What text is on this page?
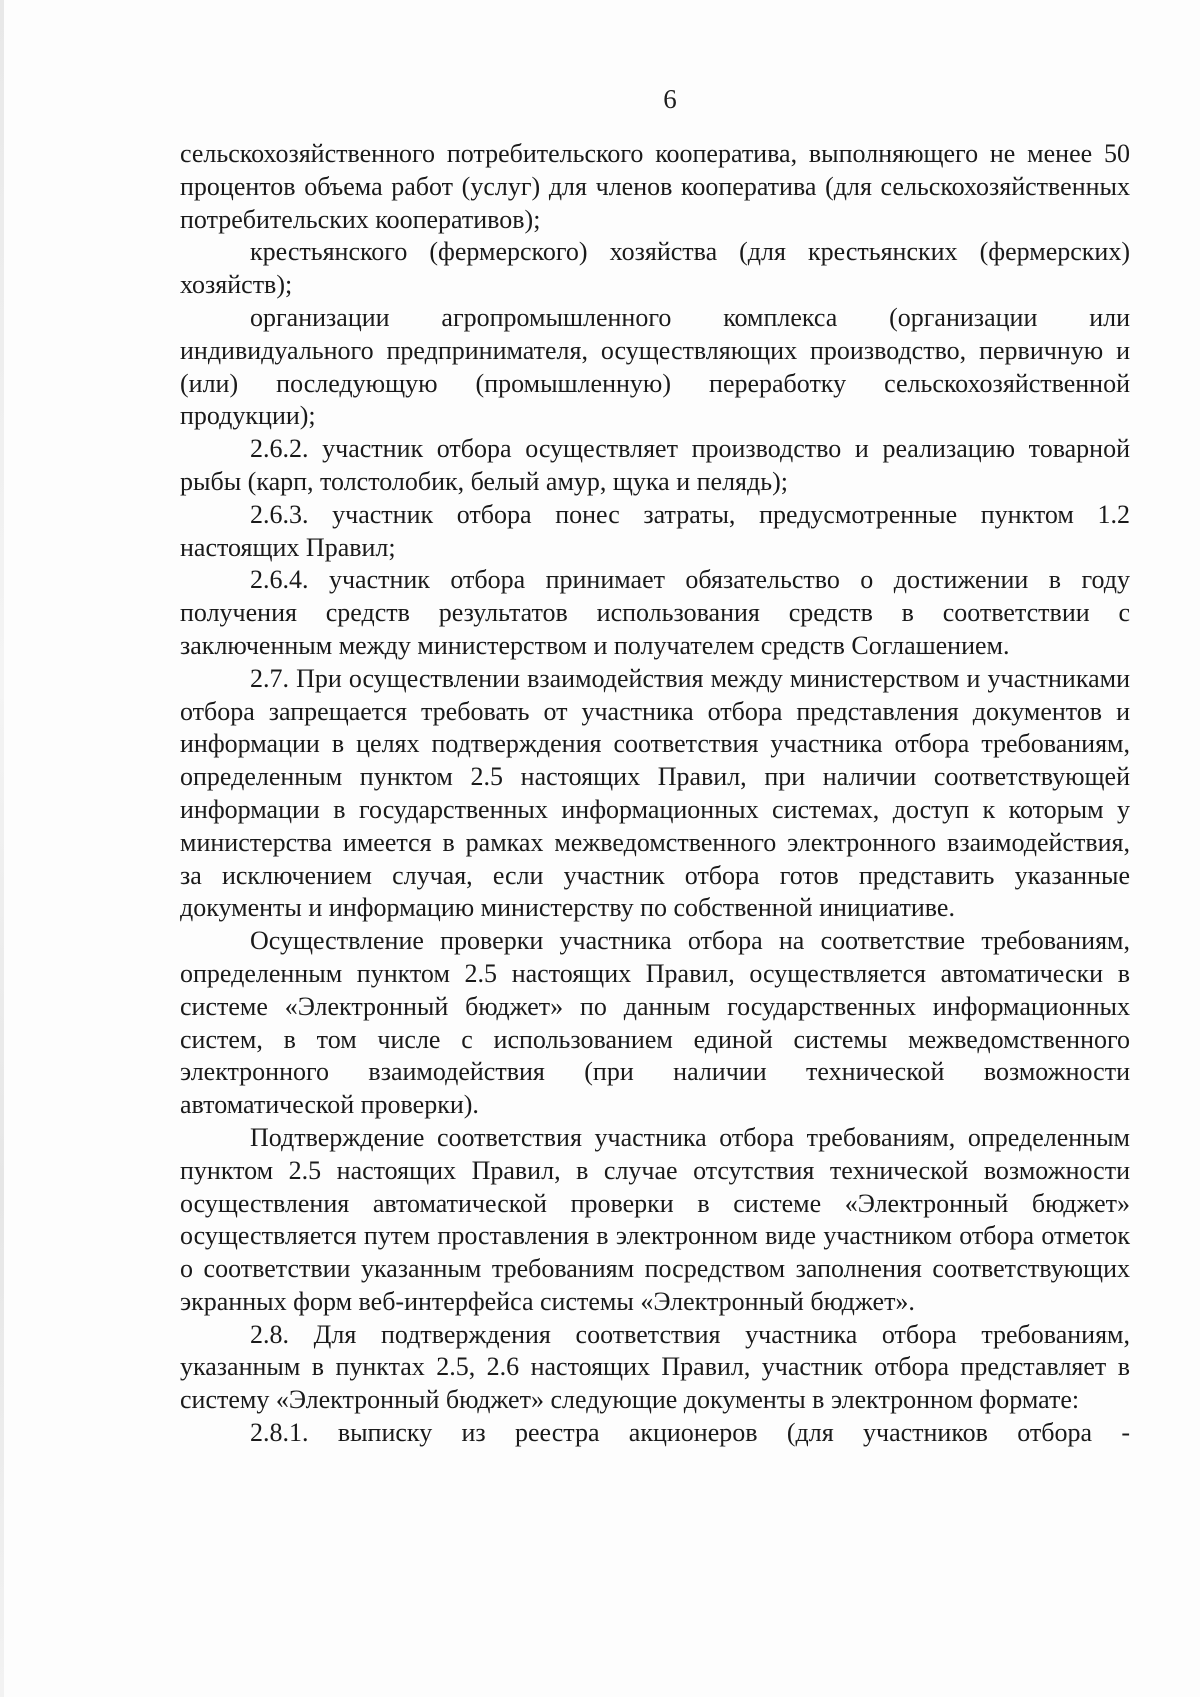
6

сельскохозяйственного потребительского кооператива, выполняющего не менее 50 процентов объема работ (услуг) для членов кооператива (для сельскохозяйственных потребительских кооперативов);

крестьянского (фермерского) хозяйства (для крестьянских (фермерских) хозяйств);

организации агропромышленного комплекса (организации или индивидуального предпринимателя, осуществляющих производство, первичную и (или) последующую (промышленную) переработку сельскохозяйственной продукции);

2.6.2. участник отбора осуществляет производство и реализацию товарной рыбы (карп, толстолобик, белый амур, щука и пелядь);

2.6.3. участник отбора понес затраты, предусмотренные пунктом 1.2 настоящих Правил;

2.6.4. участник отбора принимает обязательство о достижении в году получения средств результатов использования средств в соответствии с заключенным между министерством и получателем средств Соглашением.

2.7. При осуществлении взаимодействия между министерством и участниками отбора запрещается требовать от участника отбора представления документов и информации в целях подтверждения соответствия участника отбора требованиям, определенным пунктом 2.5 настоящих Правил, при наличии соответствующей информации в государственных информационных системах, доступ к которым у министерства имеется в рамках межведомственного электронного взаимодействия, за исключением случая, если участник отбора готов представить указанные документы и информацию министерству по собственной инициативе.

Осуществление проверки участника отбора на соответствие требованиям, определенным пунктом 2.5 настоящих Правил, осуществляется автоматически в системе «Электронный бюджет» по данным государственных информационных систем, в том числе с использованием единой системы межведомственного электронного взаимодействия (при наличии технической возможности автоматической проверки).

Подтверждение соответствия участника отбора требованиям, определенным пунктом 2.5 настоящих Правил, в случае отсутствия технической возможности осуществления автоматической проверки в системе «Электронный бюджет» осуществляется путем проставления в электронном виде участником отбора отметок о соответствии указанным требованиям посредством заполнения соответствующих экранных форм веб-интерфейса системы «Электронный бюджет».

2.8. Для подтверждения соответствия участника отбора требованиям, указанным в пунктах 2.5, 2.6 настоящих Правил, участник отбора представляет в систему «Электронный бюджет» следующие документы в электронном формате:

2.8.1. выписку из реестра акционеров (для участников отбора -
